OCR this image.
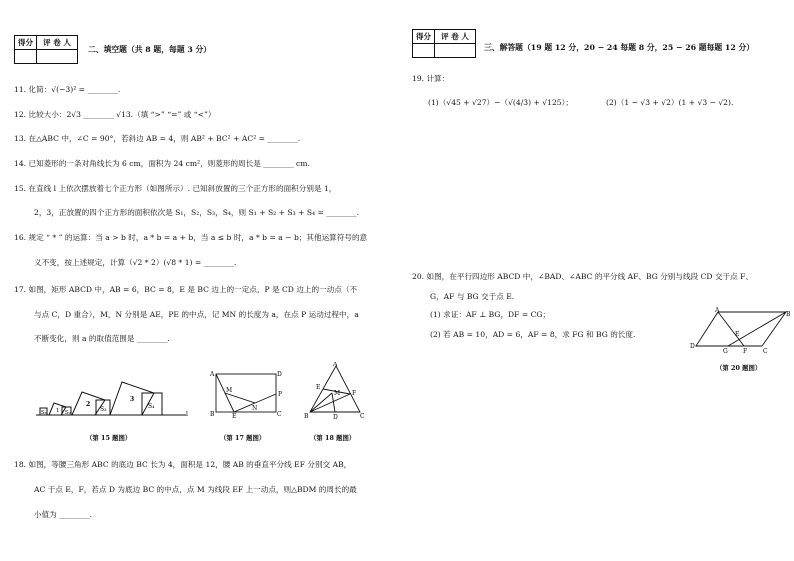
得分	评 卷 人

二、填空题（共 8 题，每题 3 分）
11. 化简：√(−3)² = ________.
12. 比较大小：2√3 ________ √13.（填 “>” “=” 或 “<”）
13. 在△ABC 中，∠C = 90°，若斜边 AB = 4，则 AB² + BC² + AC² = ________.
14. 已知菱形的一条对角线长为 6 cm，面积为 24 cm²，则菱形的周长是 ________ cm.
15. 在直线 l 上依次摆放着七个正方形（如图所示）. 已知斜放置的三个正方形的面积分别是 1，
2，3，正放置的四个正方形的面积依次是 S₁，S₂，S₃，S₄，则 S₁ + S₂ + S₃ + S₄ = ________.
16. 规定 “ * ” 的运算：当 a > b 时，a * b = a + b，当 a ≤ b 时，a * b = a − b；其他运算符号的意
义不变，按上述规定，计算（√2 * 2）(√8 * 1) = ________.
17. 如图，矩形 ABCD 中，AB = 6，BC = 8，E 是 BC 边上的一定点，P 是 CD 边上的一动点（不
与点 C，D 重合），M，N 分别是 AE，PE 的中点，记 MN 的长度为 a，在点 P 运动过程中，a
不断变化，则 a 的取值范围是 ________.
S₁ 1 S₂
2
S₃
3
S₄
l
（第 15 题图）
A	D
B	C
E
M
N
P
（第 17 题图）
A
E
F
M
B	D	C
（第 18 题图）
18. 如图，等腰三角形 ABC 的底边 BC 长为 4，面积是 12，腰 AB 的垂直平分线 EF 分别交 AB，
AC 于点 E，F，若点 D 为底边 BC 的中点，点 M 为线段 EF 上一动点，则△BDM 的周长的最
小值为 ________.
得分	评 卷 人

三、解答题（19 题 12 分，20 − 24 每题 8 分，25 − 26 题每题 12 分）
19. 计算：
(1)（√45 + √27）−（√(4/3) + √125）；	(2)（1 − √3 + √2）(1 + √3 − √2).
20. 如图，在平行四边形 ABCD 中，∠BAD、∠ABC 的平分线 AF、BG 分别与线段 CD 交于点 F、
G，AF 与 BG 交于点 E.
(1) 求证：AF ⊥ BG，DF = CG；
(2) 若 AB = 10，AD = 6，AF = 8，求 FG 和 BG 的长度.
A
B
C
D
E
F
G
（第 20 题图）
